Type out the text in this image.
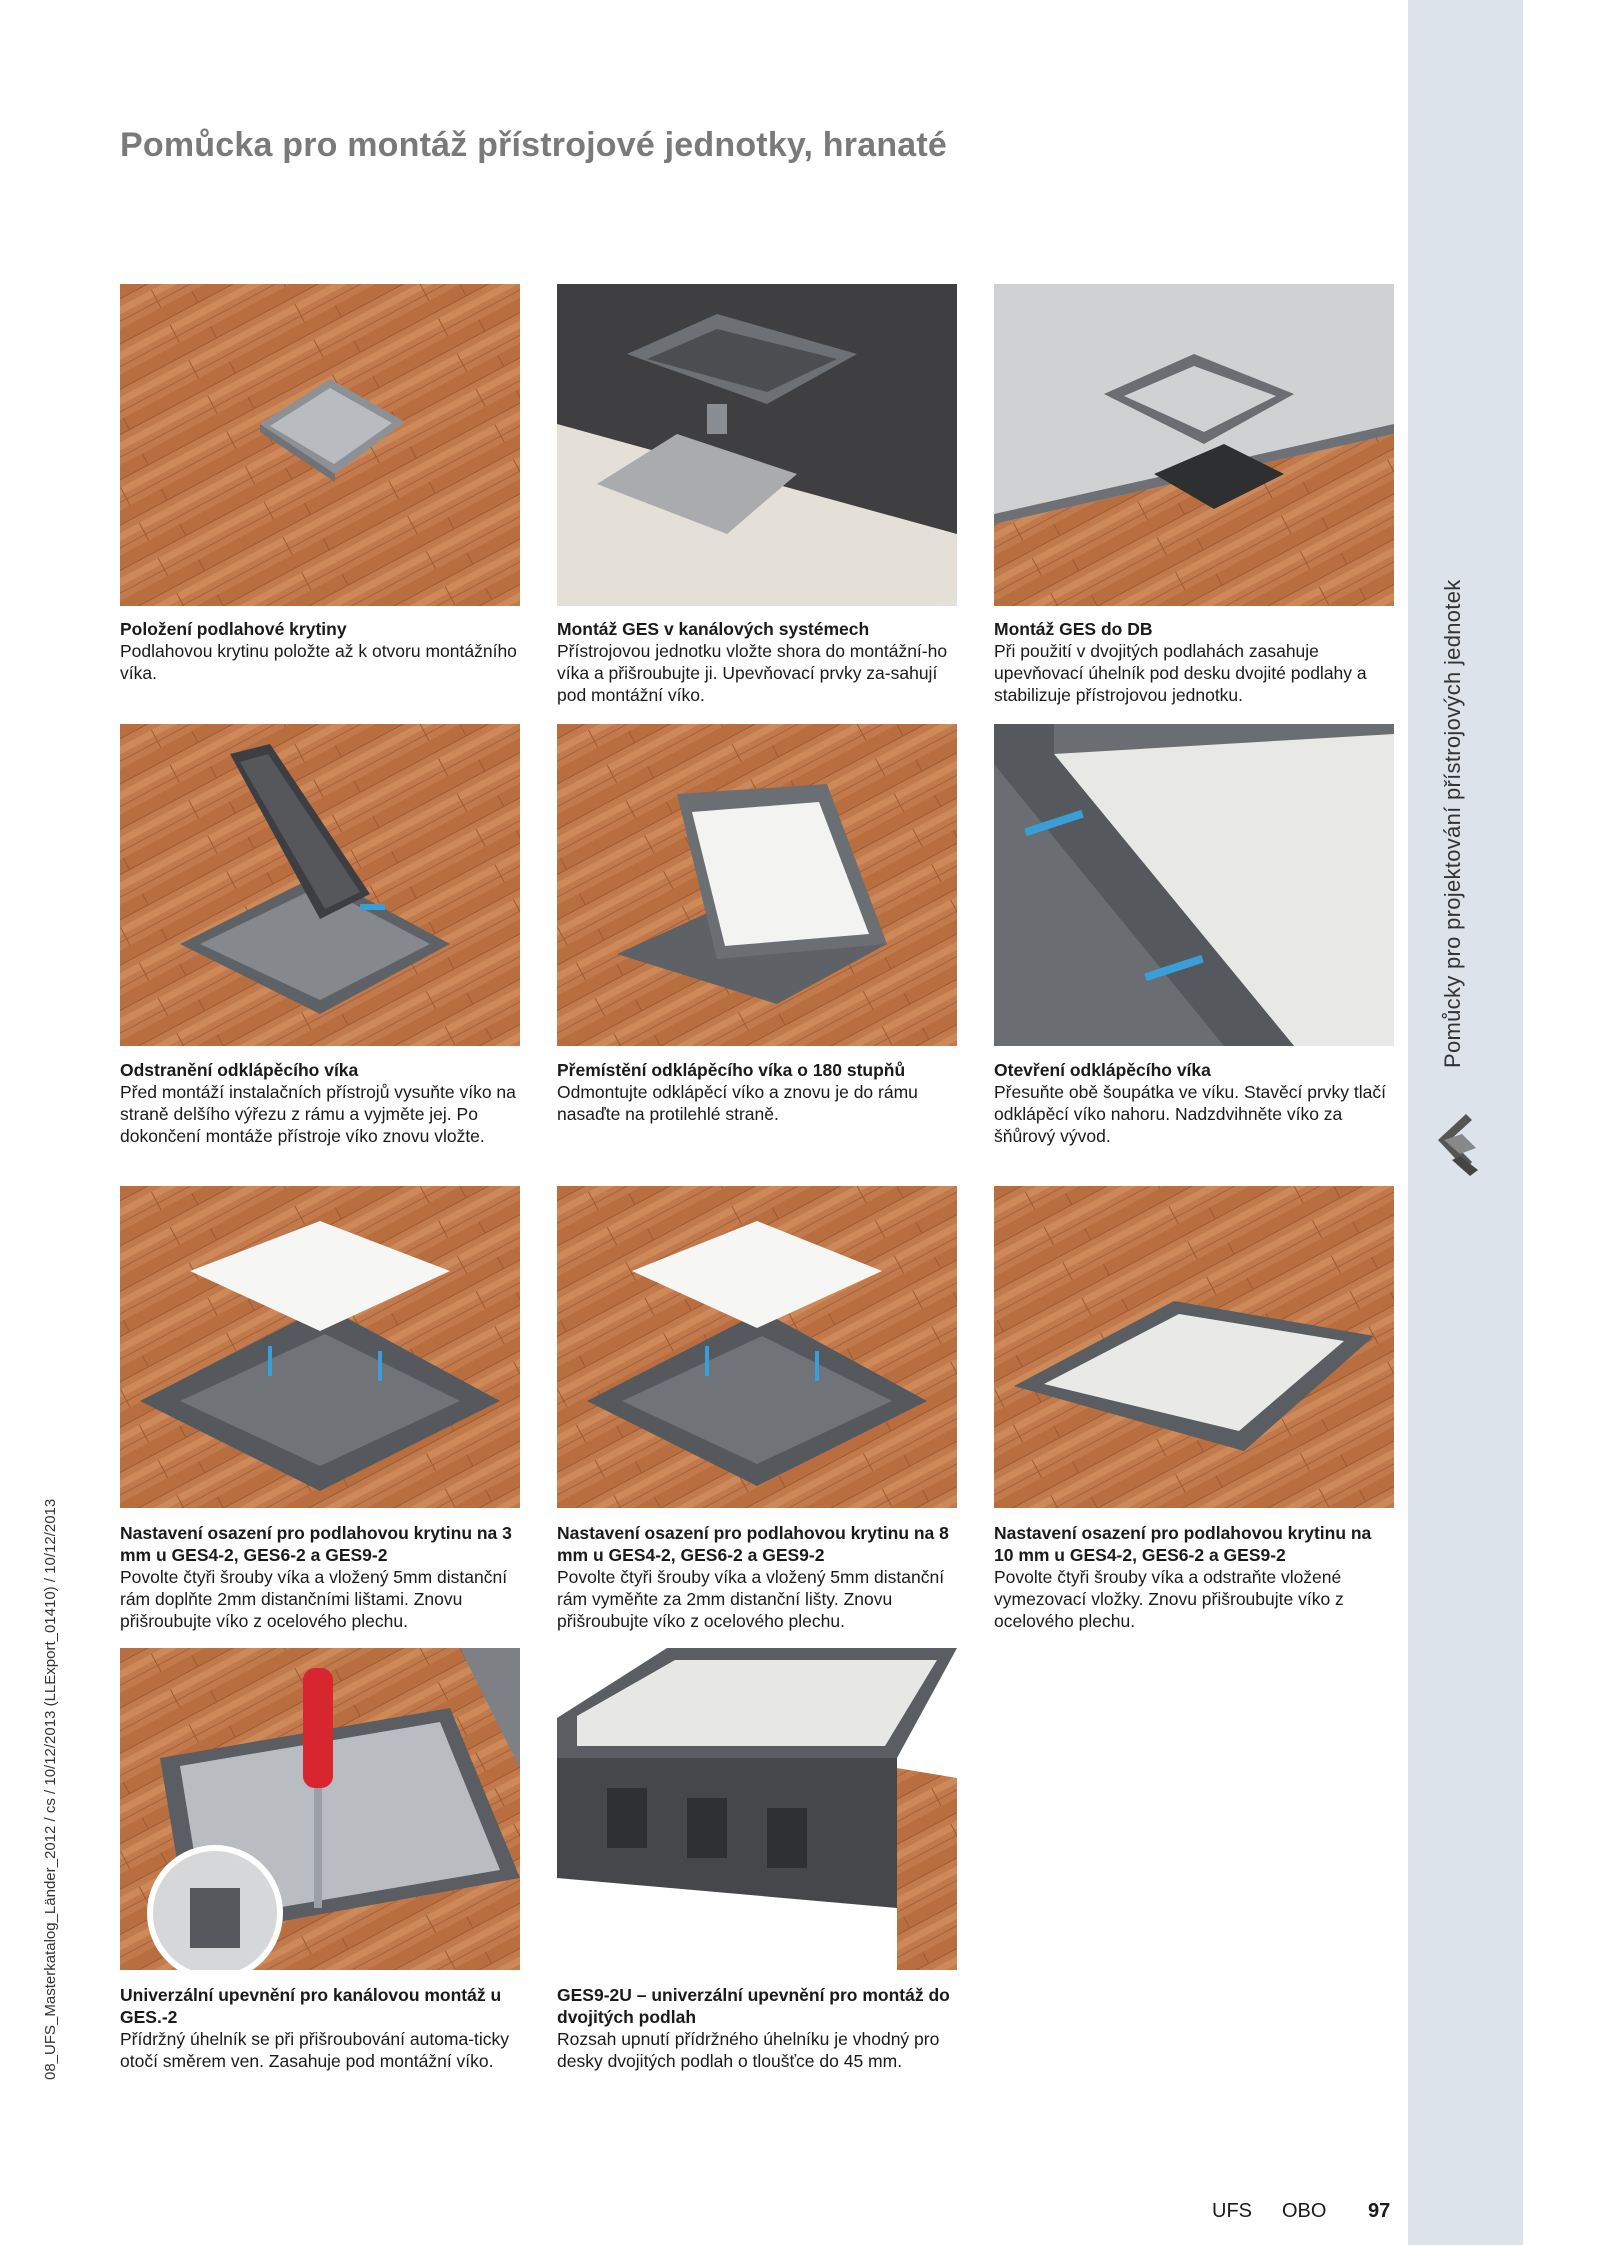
Pomůcky pro projektování přístrojových jednotek
08_UFS_Masterkatalog_Länder_2012 / cs / 10/12/2013 (LLExport_01410) / 10/12/2013
Pomůcka pro montáž přístrojové jednotky, hranaté
Položení podlahové krytiny
Podlahovou krytinu položte až k otvoru montážního víka.
Montáž GES v kanálových systémech
Přístrojovou jednotku vložte shora do montážní-ho víka a přišroubujte ji. Upevňovací prvky za-sahují pod montážní víko.
Montáž GES do DB
Při použití v dvojitých podlahách zasahuje upevňovací úhelník pod desku dvojité podlahy a stabilizuje přístrojovou jednotku.
Odstranění odklápěcího víka
Před montáží instalačních přístrojů vysuňte víko na straně delšího výřezu z rámu a vyjměte jej. Po dokončení montáže přístroje víko znovu vložte.
Přemístění odklápěcího víka o 180 stupňů
Odmontujte odklápěcí víko a znovu je do rámu nasaďte na protilehlé straně.
Otevření odklápěcího víka
Přesuňte obě šoupátka ve víku. Stavěcí prvky tlačí odklápěcí víko nahoru. Nadzdvihněte víko za šňůrový vývod.
Nastavení osazení pro podlahovou krytinu na 3 mm u GES4-2, GES6-2 a GES9-2
Povolte čtyři šrouby víka a vložený 5mm distanční rám doplňte 2mm distančními lištami. Znovu přišroubujte víko z ocelového plechu.
Nastavení osazení pro podlahovou krytinu na 8 mm u GES4-2, GES6-2 a GES9-2
Povolte čtyři šrouby víka a vložený 5mm distanční rám vyměňte za 2mm distanční lišty. Znovu přišroubujte víko z ocelového plechu.
Nastavení osazení pro podlahovou krytinu na 10 mm u GES4-2, GES6-2 a GES9-2
Povolte čtyři šrouby víka a odstraňte vložené vymezovací vložky. Znovu přišroubujte víko z ocelového plechu.
Univerzální upevnění pro kanálovou montáž u GES.-2
Přídržný úhelník se při přišroubování automa-ticky otočí směrem ven. Zasahuje pod montážní víko.
GES9-2U – univerzální upevnění pro montáž do dvojitých podlah
Rozsah upnutí přídržného úhelníku je vhodný pro desky dvojitých podlah o tloušťce do 45 mm.
UFS OBO 97
